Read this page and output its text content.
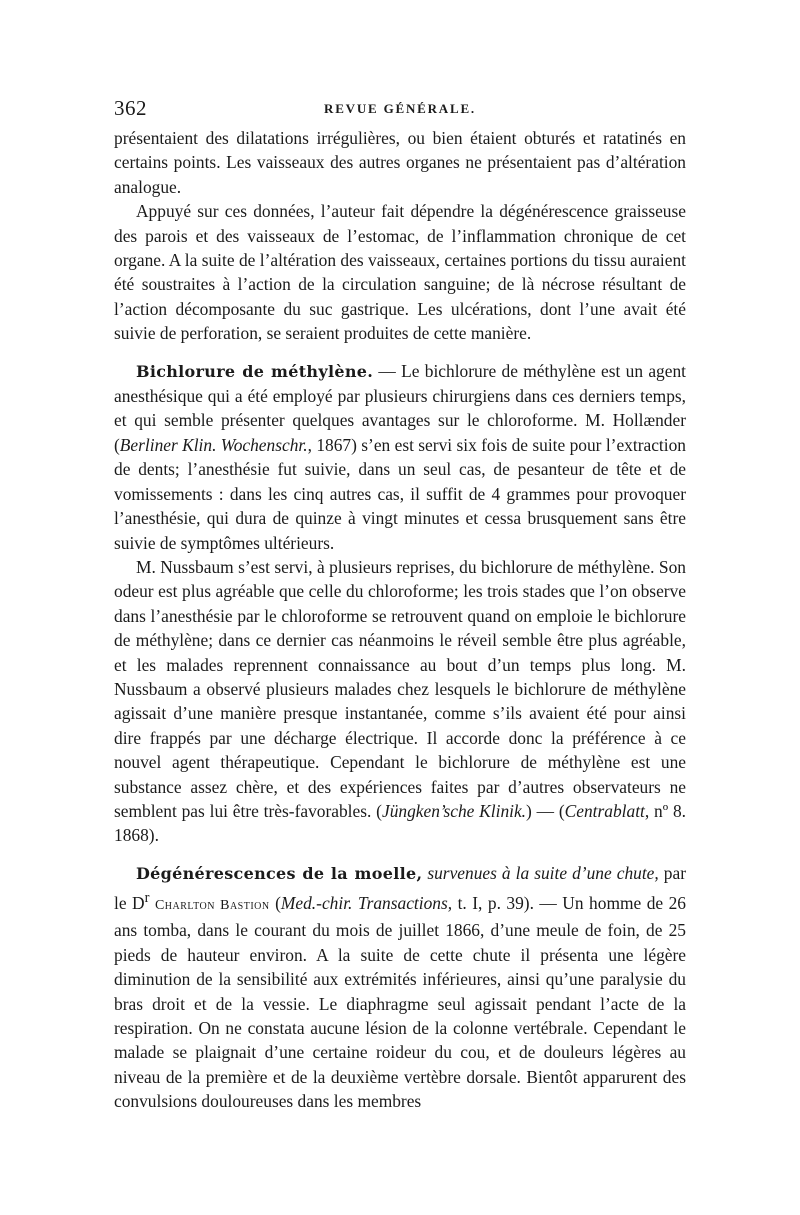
362	REVUE GÉNÉRALE.

présentaient des dilatations irrégulières, ou bien étaient obturés et ratatinés en certains points. Les vaisseaux des autres organes ne présentaient pas d’altération analogue.

Appuyé sur ces données, l’auteur fait dépendre la dégénérescence graisseuse des parois et des vaisseaux de l’estomac, de l’inflammation chronique de cet organe. A la suite de l’altération des vaisseaux, certaines portions du tissu auraient été soustraites à l’action de la circulation sanguine; de là nécrose résultant de l’action décomposante du suc gastrique. Les ulcérations, dont l’une avait été suivie de perforation, se seraient produites de cette manière.

Bichlorure de méthylène. — Le bichlorure de méthylène est un agent anesthésique qui a été employé par plusieurs chirurgiens dans ces derniers temps, et qui semble présenter quelques avantages sur le chloroforme. M. Hollænder (Berliner Klin. Wochenschr., 1867) s’en est servi six fois de suite pour l’extraction de dents; l’anesthésie fut suivie, dans un seul cas, de pesanteur de tête et de vomissements : dans les cinq autres cas, il suffit de 4 grammes pour provoquer l’anesthésie, qui dura de quinze à vingt minutes et cessa brusquement sans être suivie de symptômes ultérieurs.

M. Nussbaum s’est servi, à plusieurs reprises, du bichlorure de méthylène. Son odeur est plus agréable que celle du chloroforme; les trois stades que l’on observe dans l’anesthésie par le chloroforme se retrouvent quand on emploie le bichlorure de méthylène; dans ce dernier cas néanmoins le réveil semble être plus agréable, et les malades reprennent connaissance au bout d’un temps plus long. M. Nussbaum a observé plusieurs malades chez lesquels le bichlorure de méthylène agissait d’une manière presque instantanée, comme s’ils avaient été pour ainsi dire frappés par une décharge électrique. Il accorde donc la préférence à ce nouvel agent thérapeutique. Cependant le bichlorure de méthylène est une substance assez chère, et des expériences faites par d’autres observateurs ne semblent pas lui être très-favorables. (Jüngken’sche Klinik.) — (Centrablatt, nº 8. 1868).

Dégénérescences de la moelle, survenues à la suite d’une chute, par le $D^r$ Charlton Bastion (Med.-chir. Transactions, t. I, p. 39). — Un homme de 26 ans tomba, dans le courant du mois de juillet 1866, d’une meule de foin, de 25 pieds de hauteur environ. A la suite de cette chute il présenta une légère diminution de la sensibilité aux extrémités inférieures, ainsi qu’une paralysie du bras droit et de la vessie. Le diaphragme seul agissait pendant l’acte de la respiration. On ne constata aucune lésion de la colonne vertébrale. Cependant le malade se plaignait d’une certaine roideur du cou, et de douleurs légères au niveau de la première et de la deuxième vertèbre dorsale. Bientôt apparurent des convulsions douloureuses dans les membres
